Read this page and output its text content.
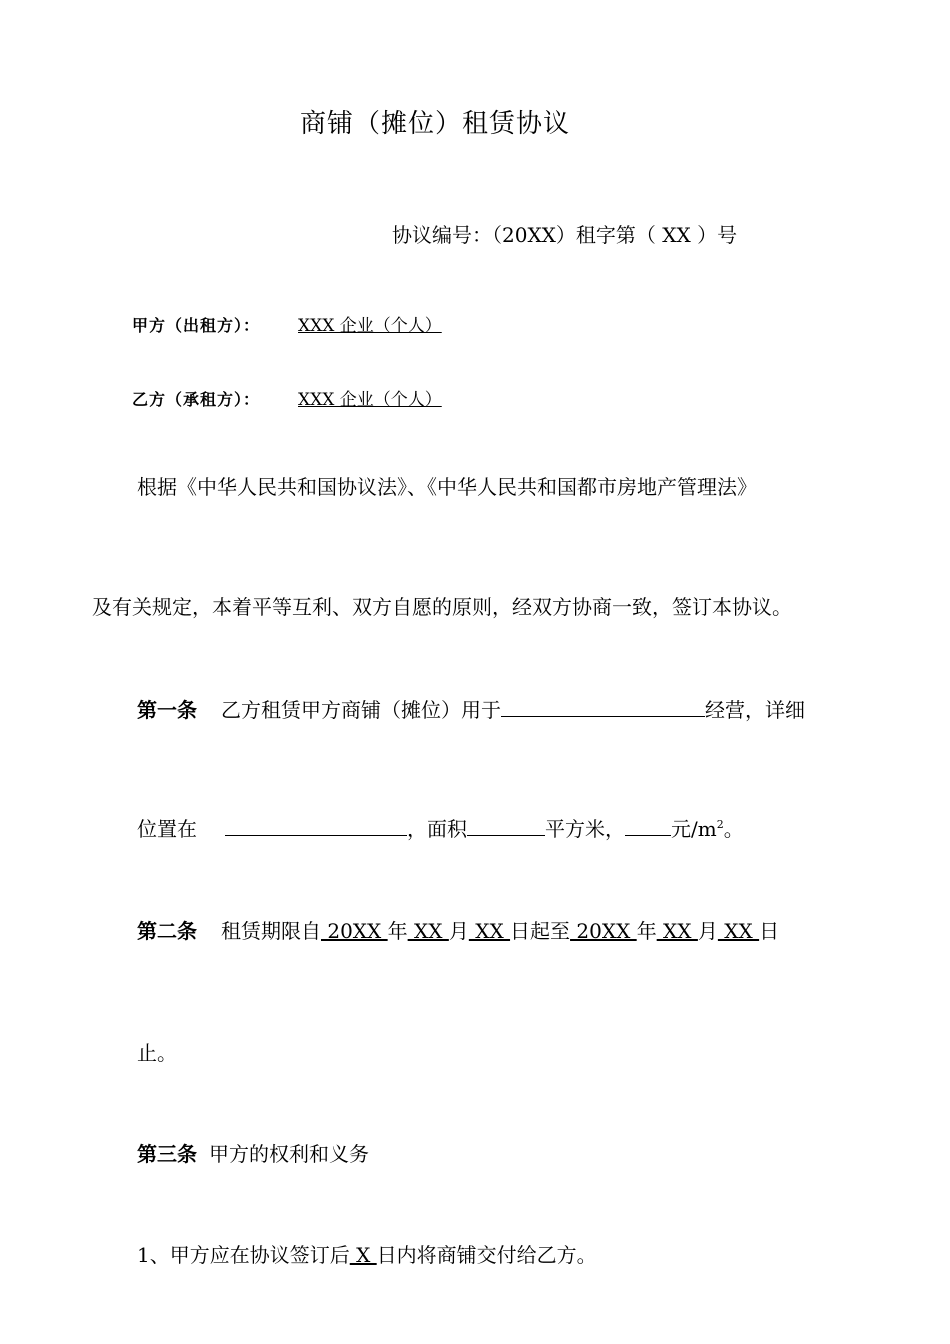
商铺（摊位）租赁协议
协议编号：（20XX）租字第（ XX ）号
甲方（出租方）： XXX 企业（个人）
乙方（承租方）： XXX 企业（个人）
根据《中华人民共和国协议法》、《中华人民共和国都市房地产管理法》
及有关规定，本着平等互利、双方自愿的原则，经双方协商一致，签订本协议。
第一条 乙方租赁甲方商铺（摊位）用于	经营，详细
位置在	，面积	平方米， 元$/m^2$。
第二条 租赁期限自 20XX 年 XX 月 XX 日起至 20XX 年 XX 月 XX 日
止。
第三条 甲方的权利和义务
1、甲方应在协议签订后 X 日内将商铺交付给乙方。
